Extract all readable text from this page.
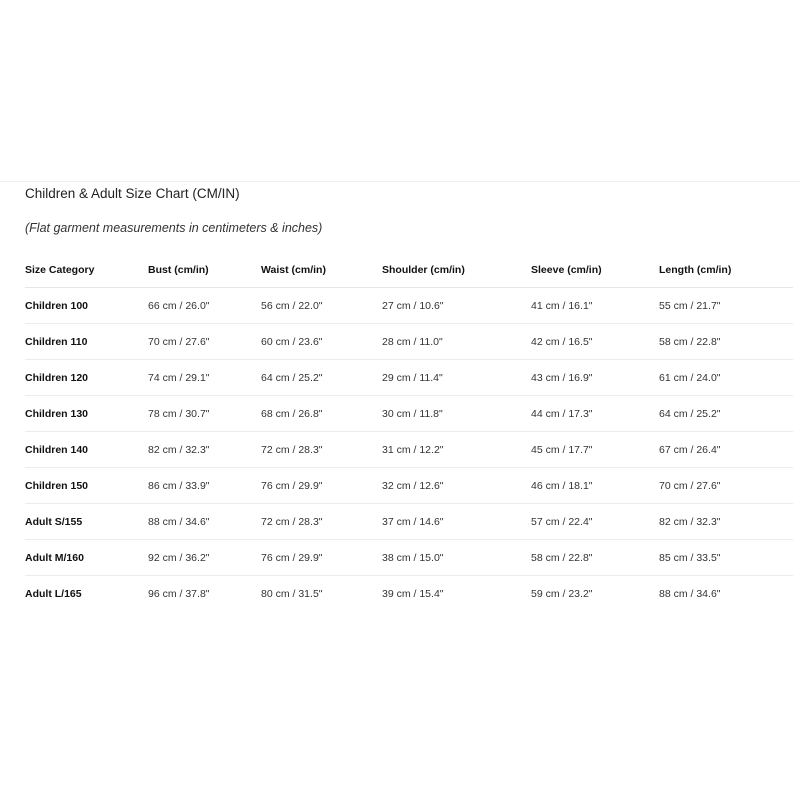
Children & Adult Size Chart (CM/IN)
(Flat garment measurements in centimeters & inches)
Size Category	Bust (cm/in)	Waist (cm/in)	Shoulder (cm/in)	Sleeve (cm/in)	Length (cm/in)
Children 100	66 cm / 26.0"	56 cm / 22.0"	27 cm / 10.6"	41 cm / 16.1"	55 cm / 21.7"
Children 110	70 cm / 27.6"	60 cm / 23.6"	28 cm / 11.0"	42 cm / 16.5"	58 cm / 22.8"
Children 120	74 cm / 29.1"	64 cm / 25.2"	29 cm / 11.4"	43 cm / 16.9"	61 cm / 24.0"
Children 130	78 cm / 30.7"	68 cm / 26.8"	30 cm / 11.8"	44 cm / 17.3"	64 cm / 25.2"
Children 140	82 cm / 32.3"	72 cm / 28.3"	31 cm / 12.2"	45 cm / 17.7"	67 cm / 26.4"
Children 150	86 cm / 33.9"	76 cm / 29.9"	32 cm / 12.6"	46 cm / 18.1"	70 cm / 27.6"
Adult S/155	88 cm / 34.6"	72 cm / 28.3"	37 cm / 14.6"	57 cm / 22.4"	82 cm / 32.3"
Adult M/160	92 cm / 36.2"	76 cm / 29.9"	38 cm / 15.0"	58 cm / 22.8"	85 cm / 33.5"
Adult L/165	96 cm / 37.8"	80 cm / 31.5"	39 cm / 15.4"	59 cm / 23.2"	88 cm / 34.6"
